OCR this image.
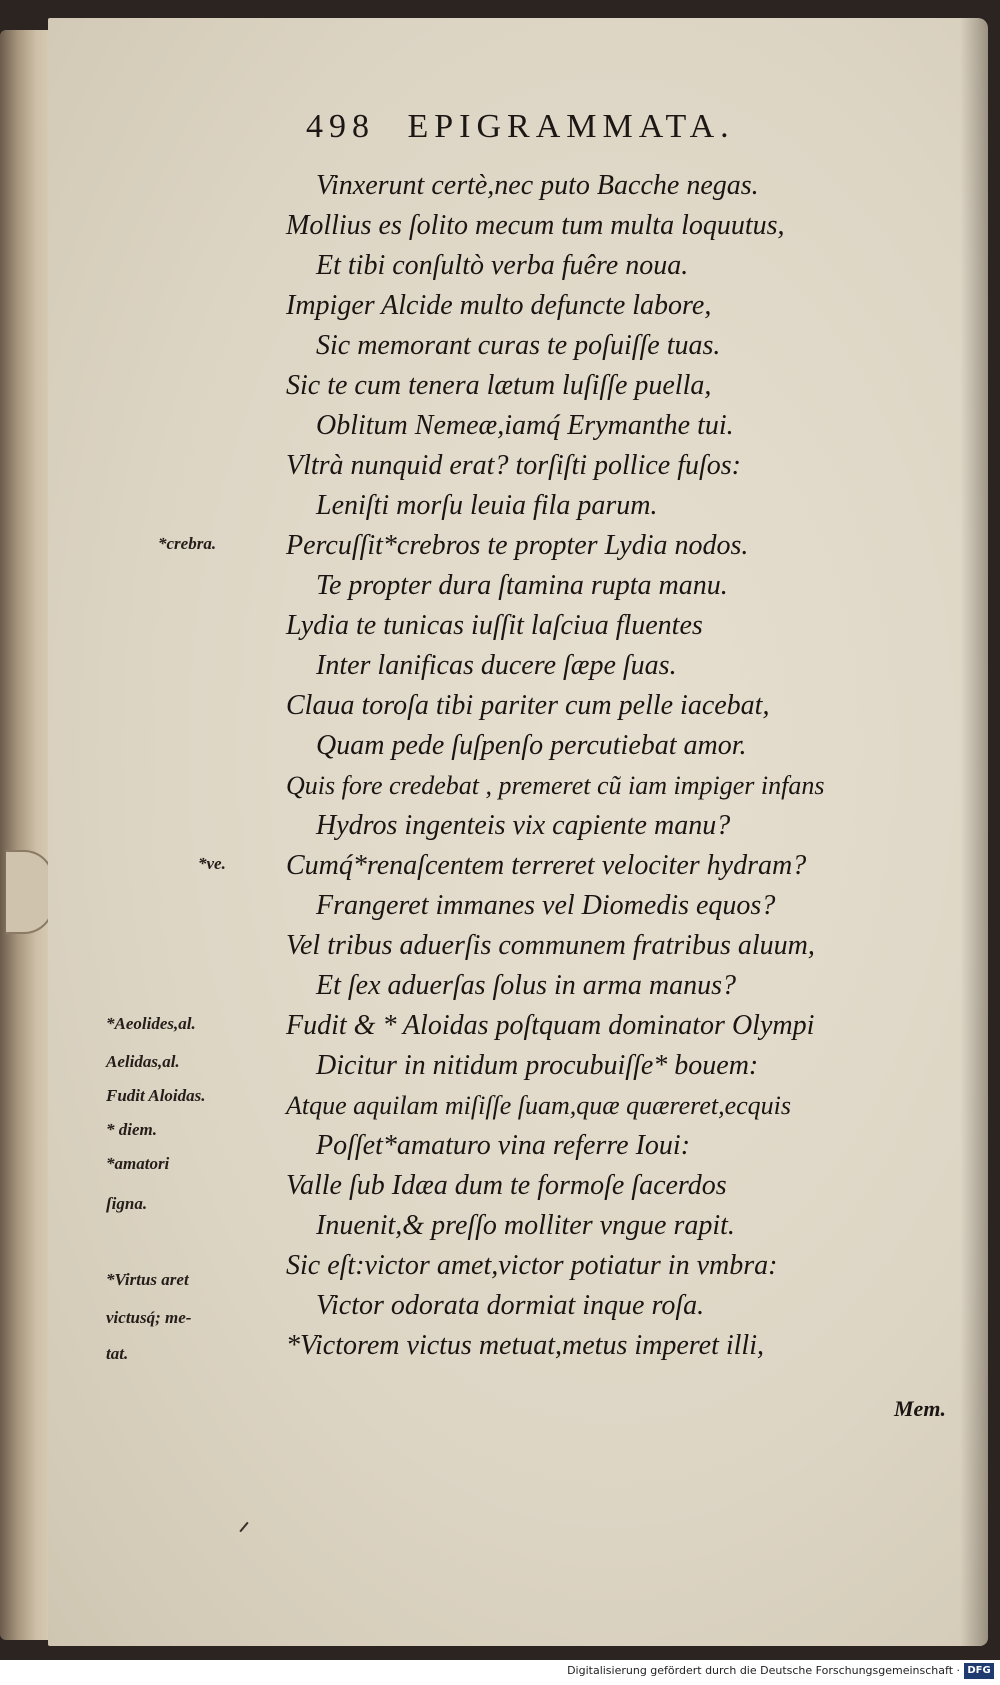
498 EPIGRAMMATA.
Vinxerunt certè,nec puto Bacche negas.
Mollius es ſolito mecum tum multa loquutus,
Et tibi conſultò verba fuêre noua.
Impiger Alcide multo defuncte labore,
Sic memorant curas te poſuiſſe tuas.
Sic te cum tenera lætum luſiſſe puella,
Oblitum Nemeæ,iamq́ Erymanthe tui.
Vltrà nunquid erat? torſiſti pollice fuſos:
Leniſti morſu leuia fila parum.
Percuſſit*crebros te propter Lydia nodos.
Te propter dura ſtamina rupta manu.
Lydia te tunicas iuſſit laſciua fluentes
Inter lanificas ducere ſæpe ſuas.
Claua toroſa tibi pariter cum pelle iacebat,
Quam pede ſuſpenſo percutiebat amor.
Quis fore credebat , premeret cũ iam impiger infans
Hydros ingenteis vix capiente manu?
Cumq́*renaſcentem terreret velociter hydram?
Frangeret immanes vel Diomedis equos?
Vel tribus aduerſis communem fratribus aluum,
Et ſex aduerſas ſolus in arma manus?
Fudit & * Aloidas poſtquam dominator Olympi
Dicitur in nitidum procubuiſſe* bouem:
Atque aquilam miſiſſe ſuam,quæ quæreret,ecquis
Poſſet*amaturo vina referre Ioui:
Valle ſub Idæa dum te formoſe ſacerdos
Inuenit,& preſſo molliter vngue rapit.
Sic eſt:victor amet,victor potiatur in vmbra:
Victor odorata dormiat inque roſa.
*Victorem victus metuat,metus imperet illi,
*crebra.
*ve.
*Aeolides,al.
Aelidas,al.
Fudit Aloidas.
* diem.
*amatori
ſigna.
*Virtus aret
victusq́; me-
tat.
Mem.
Digitalisierung gefördert durch die Deutsche Forschungsgemeinschaft · DFG
